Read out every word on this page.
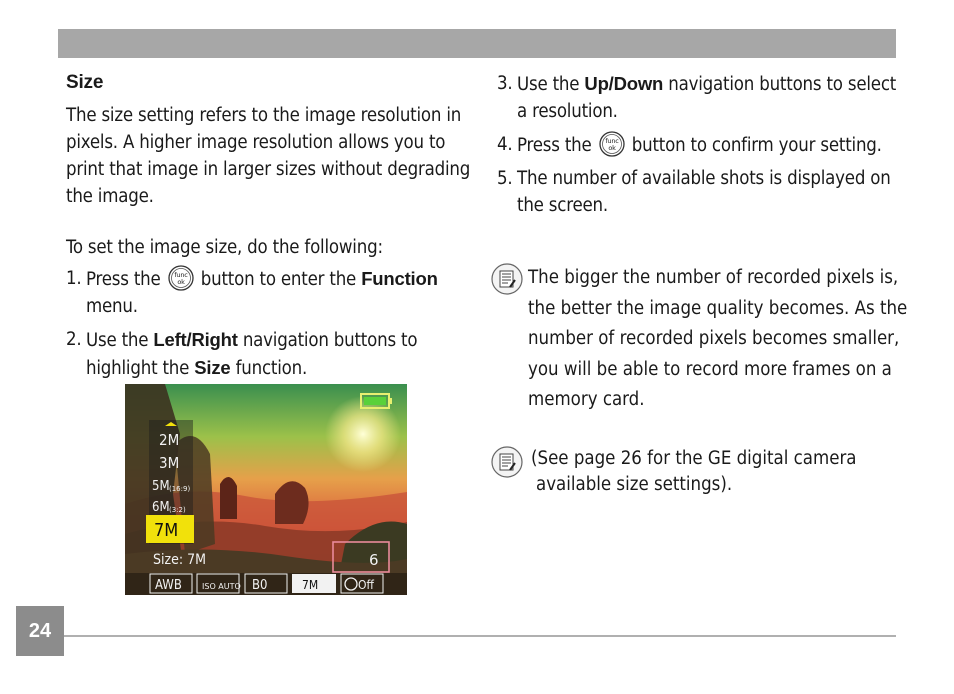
Size

The size setting refers to the image resolution in pixels. A higher image resolution allows you to print that image in larger sizes without degrading the image.

To set the image size, do the following:

1. Press the func
ok button to enter the Function menu.
2. Use the Left/Right navigation buttons to highlight the Size function.
3. Use the Up/Down navigation buttons to select a resolution.
4. Press the func
ok button to confirm your setting.
5. The number of available shots is displayed on the screen.
The bigger the number of recorded pixels is, the better the image quality becomes. As the number of recorded pixels becomes smaller, you will be able to record more frames on a memory card.
(See page 26 for the GE digital camera
available size settings).
2M
3M
5M (16:9)
6M (3:2)
7M
Size: 7M	6
AWB	ISO AUTO B0	7M	Off
24
